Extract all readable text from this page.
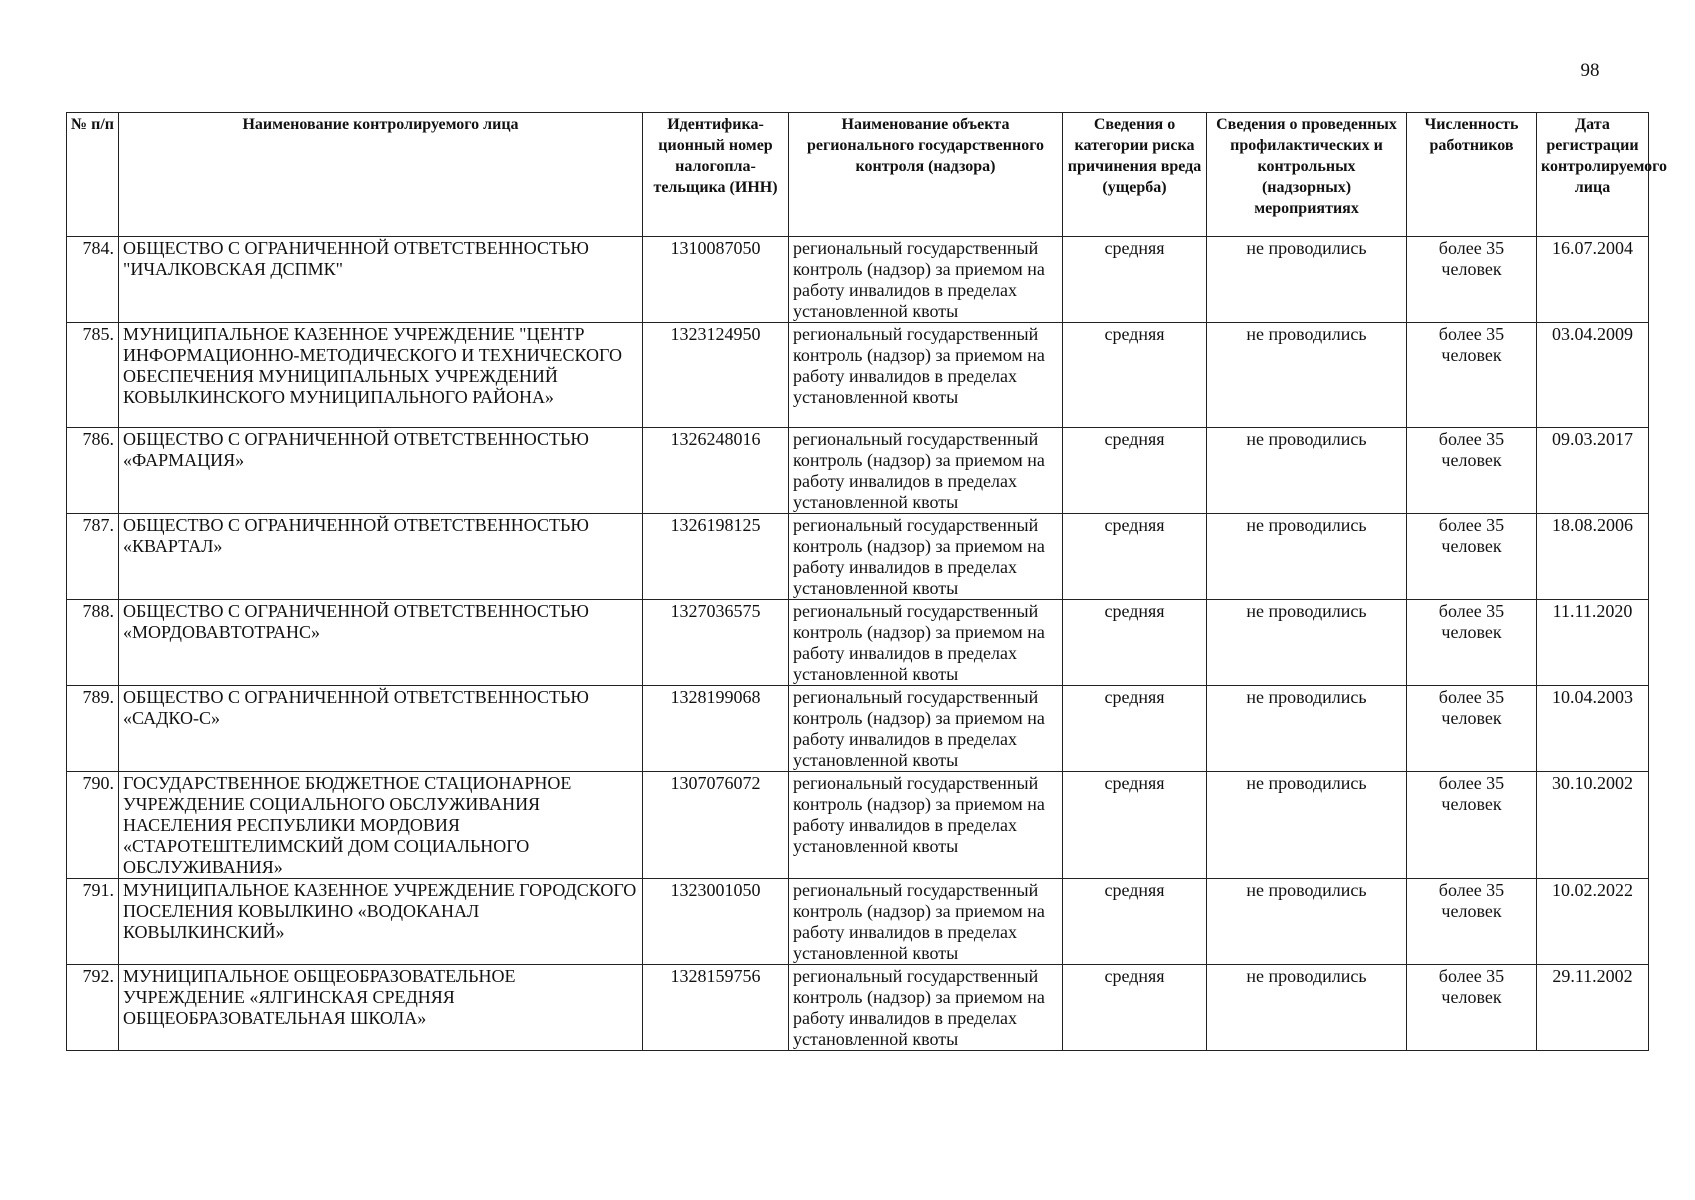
98
№ п/п	Наименование контролируемого лица	Идентифика-ционный номер налогопла-тельщика (ИНН)	Наименование объекта регионального государственного контроля (надзора)	Сведения о категории риска причинения вреда (ущерба)	Сведения о проведенных профилактических и контрольных (надзорных) мероприятиях	Численность работников	Дата регистрации контролируемого лица
784.	ОБЩЕСТВО С ОГРАНИЧЕННОЙ ОТВЕТСТВЕННОСТЬЮ "ИЧАЛКОВСКАЯ ДСПМК"	1310087050	региональный государственный контроль (надзор) за приемом на работу инвалидов в пределах установленной квоты	средняя	не проводились	более 35 человек	16.07.2004
785.	МУНИЦИПАЛЬНОЕ КАЗЕННОЕ УЧРЕЖДЕНИЕ "ЦЕНТР ИНФОРМАЦИОННО-МЕТОДИЧЕСКОГО И ТЕХНИЧЕСКОГО ОБЕСПЕЧЕНИЯ МУНИЦИПАЛЬНЫХ УЧРЕЖДЕНИЙ КОВЫЛКИНСКОГО МУНИЦИПАЛЬНОГО РАЙОНА»	1323124950	региональный государственный контроль (надзор) за приемом на работу инвалидов в пределах установленной квоты	средняя	не проводились	более 35 человек	03.04.2009
786.	ОБЩЕСТВО С ОГРАНИЧЕННОЙ ОТВЕТСТВЕННОСТЬЮ «ФАРМАЦИЯ»	1326248016	региональный государственный контроль (надзор) за приемом на работу инвалидов в пределах установленной квоты	средняя	не проводились	более 35 человек	09.03.2017
787.	ОБЩЕСТВО С ОГРАНИЧЕННОЙ ОТВЕТСТВЕННОСТЬЮ «КВАРТАЛ»	1326198125	региональный государственный контроль (надзор) за приемом на работу инвалидов в пределах установленной квоты	средняя	не проводились	более 35 человек	18.08.2006
788.	ОБЩЕСТВО С ОГРАНИЧЕННОЙ ОТВЕТСТВЕННОСТЬЮ «МОРДОВАВТОТРАНС»	1327036575	региональный государственный контроль (надзор) за приемом на работу инвалидов в пределах установленной квоты	средняя	не проводились	более 35 человек	11.11.2020
789.	ОБЩЕСТВО С ОГРАНИЧЕННОЙ ОТВЕТСТВЕННОСТЬЮ «САДКО-С»	1328199068	региональный государственный контроль (надзор) за приемом на работу инвалидов в пределах установленной квоты	средняя	не проводились	более 35 человек	10.04.2003
790.	ГОСУДАРСТВЕННОЕ БЮДЖЕТНОЕ СТАЦИОНАРНОЕ УЧРЕЖДЕНИЕ СОЦИАЛЬНОГО ОБСЛУЖИВАНИЯ НАСЕЛЕНИЯ РЕСПУБЛИКИ МОРДОВИЯ «СТАРОТЕШТЕЛИМСКИЙ ДОМ СОЦИАЛЬНОГО ОБСЛУЖИВАНИЯ»	1307076072	региональный государственный контроль (надзор) за приемом на работу инвалидов в пределах установленной квоты	средняя	не проводились	более 35 человек	30.10.2002
791.	МУНИЦИПАЛЬНОЕ КАЗЕННОЕ УЧРЕЖДЕНИЕ ГОРОДСКОГО ПОСЕЛЕНИЯ КОВЫЛКИНО «ВОДОКАНАЛ КОВЫЛКИНСКИЙ»	1323001050	региональный государственный контроль (надзор) за приемом на работу инвалидов в пределах установленной квоты	средняя	не проводились	более 35 человек	10.02.2022
792.	МУНИЦИПАЛЬНОЕ ОБЩЕОБРАЗОВАТЕЛЬНОЕ УЧРЕЖДЕНИЕ «ЯЛГИНСКАЯ СРЕДНЯЯ ОБЩЕОБРАЗОВАТЕЛЬНАЯ ШКОЛА»	1328159756	региональный государственный контроль (надзор) за приемом на работу инвалидов в пределах установленной квоты	средняя	не проводились	более 35 человек	29.11.2002
